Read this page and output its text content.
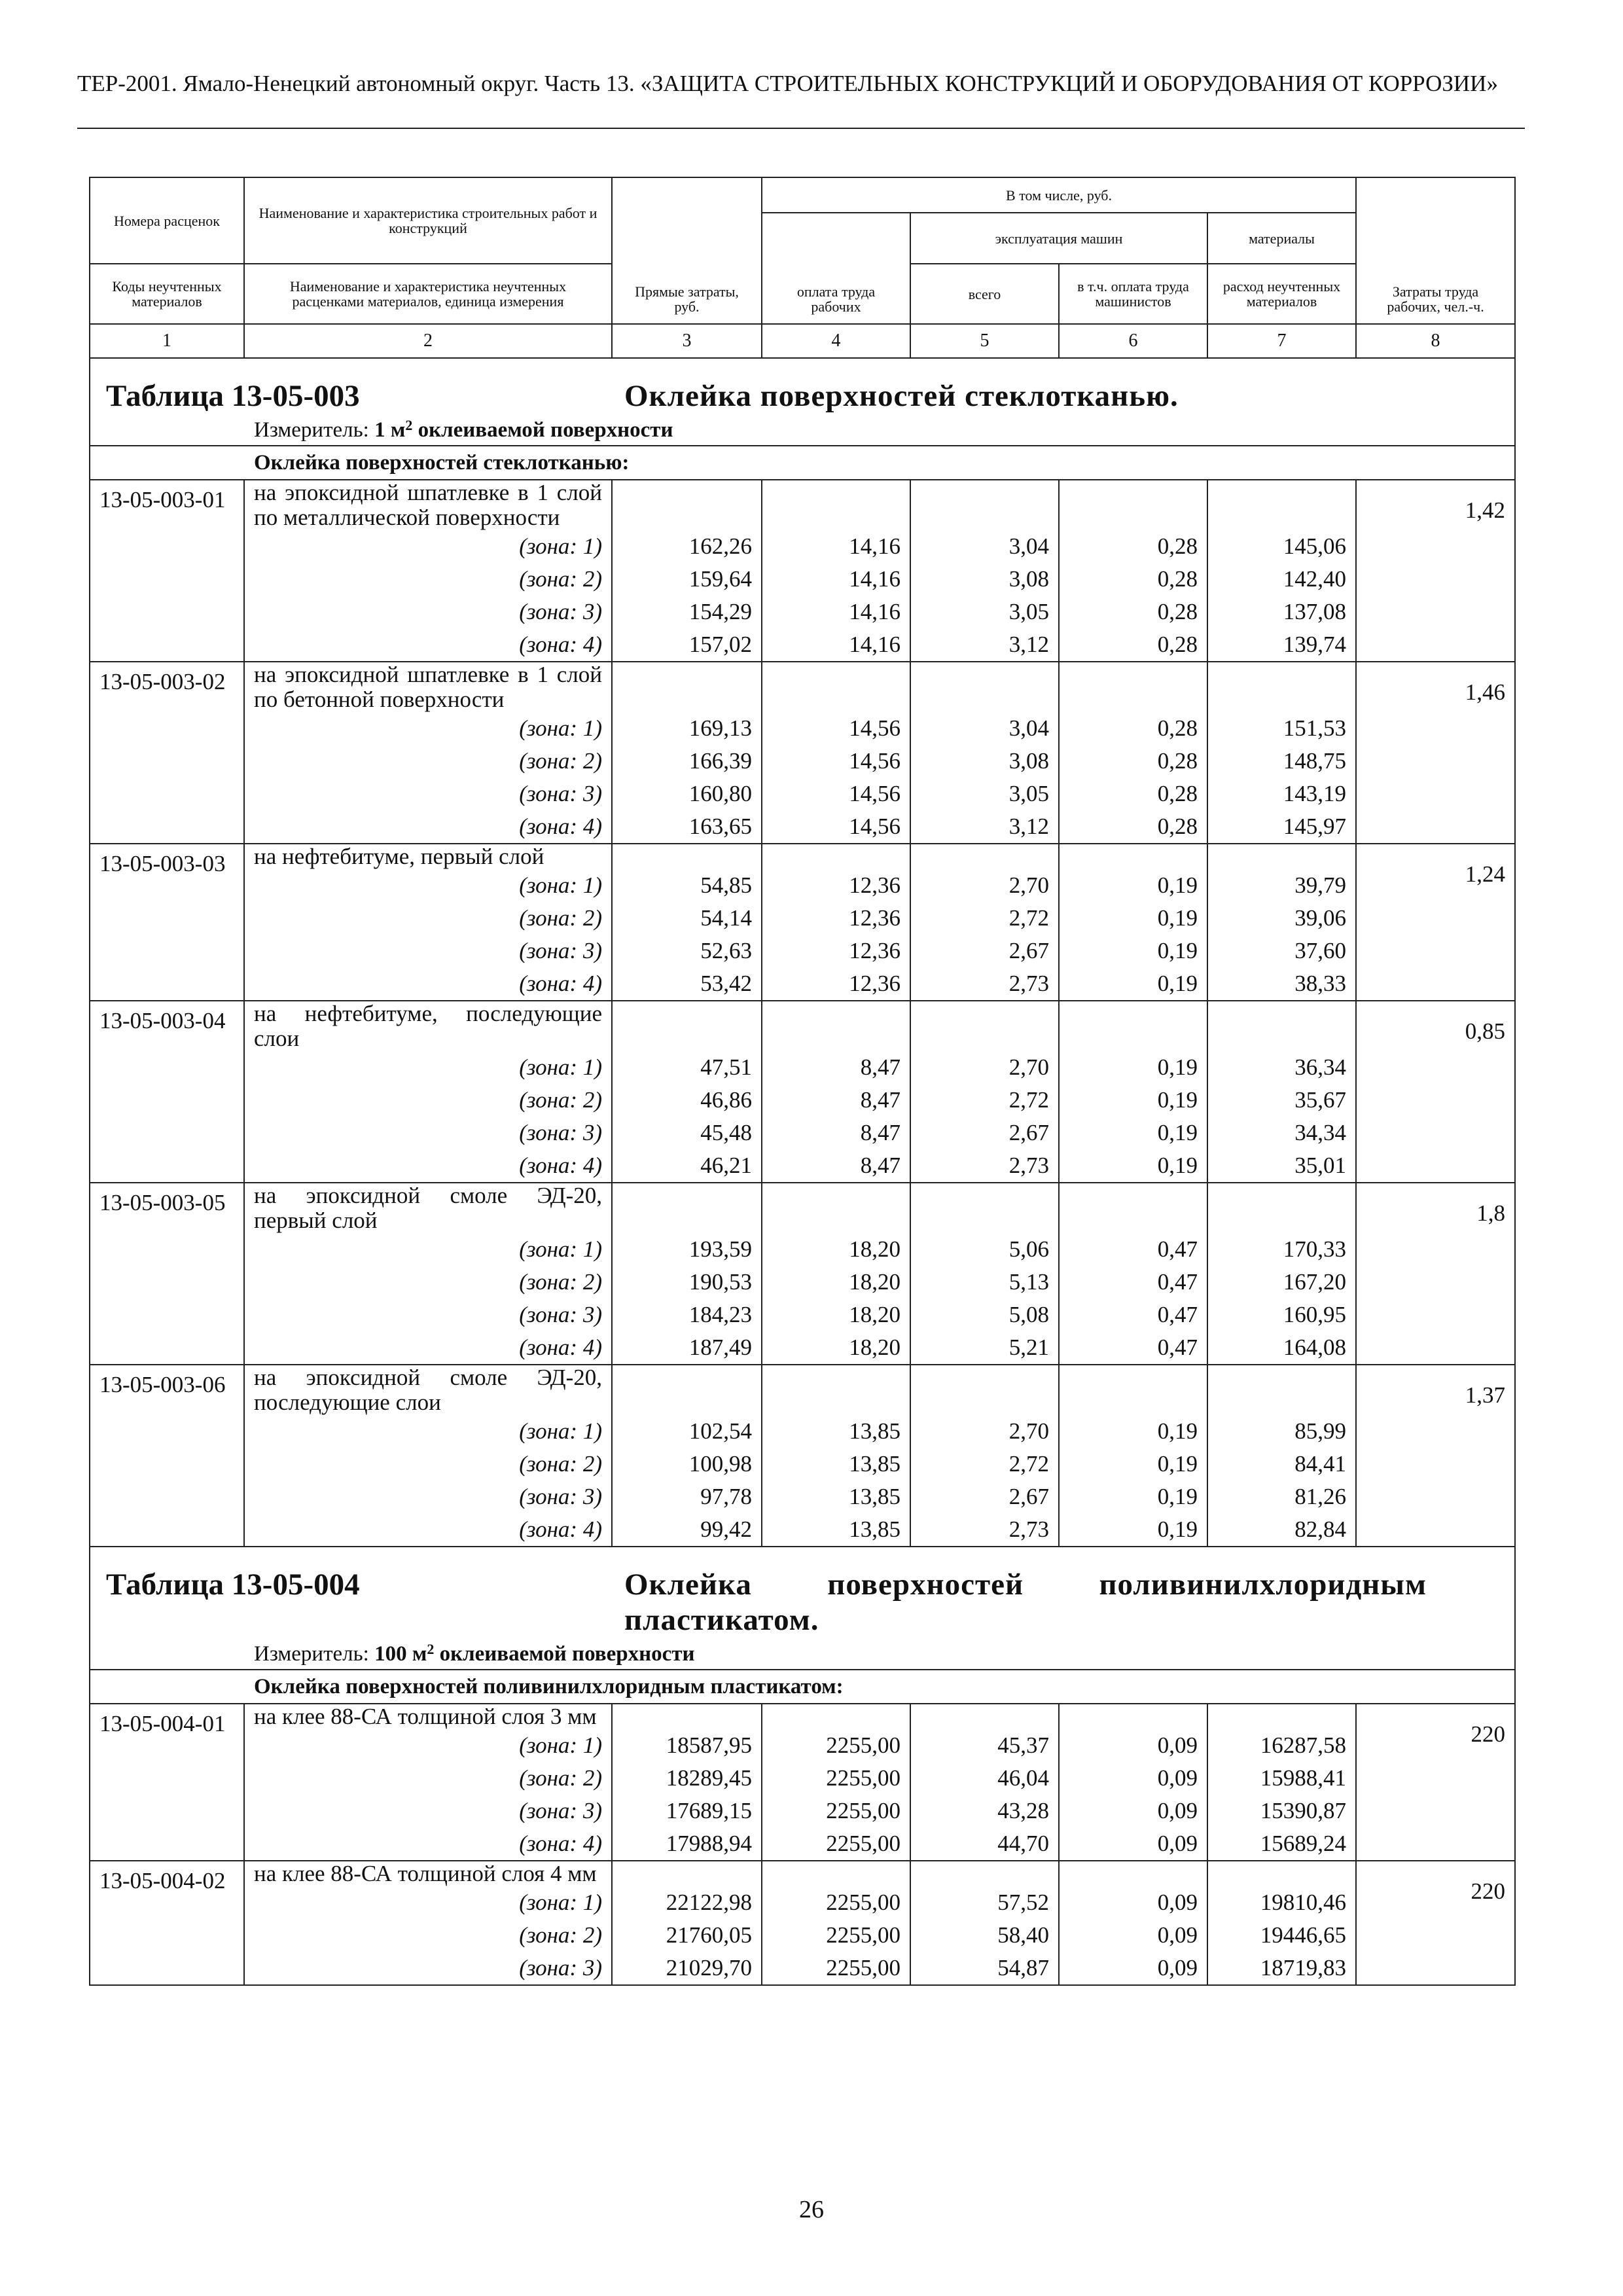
ТЕР-2001. Ямало-Ненецкий автономный округ. Часть 13. «ЗАЩИТА СТРОИТЕЛЬНЫХ КОНСТРУКЦИЙ И ОБОРУДОВАНИЯ ОТ КОРРОЗИИ»
Номера расценок	Наименование и характеристика строительных работ и конструкций	Прямые затраты, руб.	В том числе, руб.				Затраты труда рабочих, чел.-ч.
			оплата труда рабочих	эксплуатация машин		материалы	
Коды неучтенных материалов	Наименование и характеристика неучтенных расценками материалов, единица измерения			всего	в т.ч. оплата труда машинистов	расход неучтенных материалов	
1	2	3	4	5	6	7	8

Таблица 13-05-003 Оклейка поверхностей стеклотканью.							

Измеритель: 1 $м^2$ оклеиваемой поверхности							
Оклейка поверхностей стеклотканью:							
13-05-003-01	на эпоксидной шпатлевке в 1 слой по металлической поверхности						1,42
	(зона: 1)	162,26	14,16	3,04	0,28	145,06	
	(зона: 2)	159,64	14,16	3,08	0,28	142,40	
	(зона: 3)	154,29	14,16	3,05	0,28	137,08	
	(зона: 4)	157,02	14,16	3,12	0,28	139,74	
13-05-003-02	на эпоксидной шпатлевке в 1 слой по бетонной поверхности						1,46
	(зона: 1)	169,13	14,56	3,04	0,28	151,53	
	(зона: 2)	166,39	14,56	3,08	0,28	148,75	
	(зона: 3)	160,80	14,56	3,05	0,28	143,19	
	(зона: 4)	163,65	14,56	3,12	0,28	145,97	
13-05-003-03	на нефтебитуме, первый слой						1,24
	(зона: 1)	54,85	12,36	2,70	0,19	39,79	
	(зона: 2)	54,14	12,36	2,72	0,19	39,06	
	(зона: 3)	52,63	12,36	2,67	0,19	37,60	
	(зона: 4)	53,42	12,36	2,73	0,19	38,33	
13-05-003-04	на нефтебитуме, последующие слои						0,85
	(зона: 1)	47,51	8,47	2,70	0,19	36,34	
	(зона: 2)	46,86	8,47	2,72	0,19	35,67	
	(зона: 3)	45,48	8,47	2,67	0,19	34,34	
	(зона: 4)	46,21	8,47	2,73	0,19	35,01	
13-05-003-05	на эпоксидной смоле ЭД-20, первый слой						1,8
	(зона: 1)	193,59	18,20	5,06	0,47	170,33	
	(зона: 2)	190,53	18,20	5,13	0,47	167,20	
	(зона: 3)	184,23	18,20	5,08	0,47	160,95	
	(зона: 4)	187,49	18,20	5,21	0,47	164,08	
13-05-003-06	на эпоксидной смоле ЭД-20, последующие слои						1,37
	(зона: 1)	102,54	13,85	2,70	0,19	85,99	
	(зона: 2)	100,98	13,85	2,72	0,19	84,41	
	(зона: 3)	97,78	13,85	2,67	0,19	81,26	
	(зона: 4)	99,42	13,85	2,73	0,19	82,84	

Таблица 13-05-004 Оклейка поверхностей поливинилхлоридным пластикатом.							

Измеритель: 100 $м^2$ оклеиваемой поверхности							
Оклейка поверхностей поливинилхлоридным пластикатом:							
13-05-004-01	на клее 88-СА толщиной слоя 3 мм						220
	(зона: 1)	18587,95	2255,00	45,37	0,09	16287,58	
	(зона: 2)	18289,45	2255,00	46,04	0,09	15988,41	
	(зона: 3)	17689,15	2255,00	43,28	0,09	15390,87	
	(зона: 4)	17988,94	2255,00	44,70	0,09	15689,24	
13-05-004-02	на клее 88-СА толщиной слоя 4 мм						220
	(зона: 1)	22122,98	2255,00	57,52	0,09	19810,46	
	(зона: 2)	21760,05	2255,00	58,40	0,09	19446,65	
	(зона: 3)	21029,70	2255,00	54,87	0,09	18719,83	
26
